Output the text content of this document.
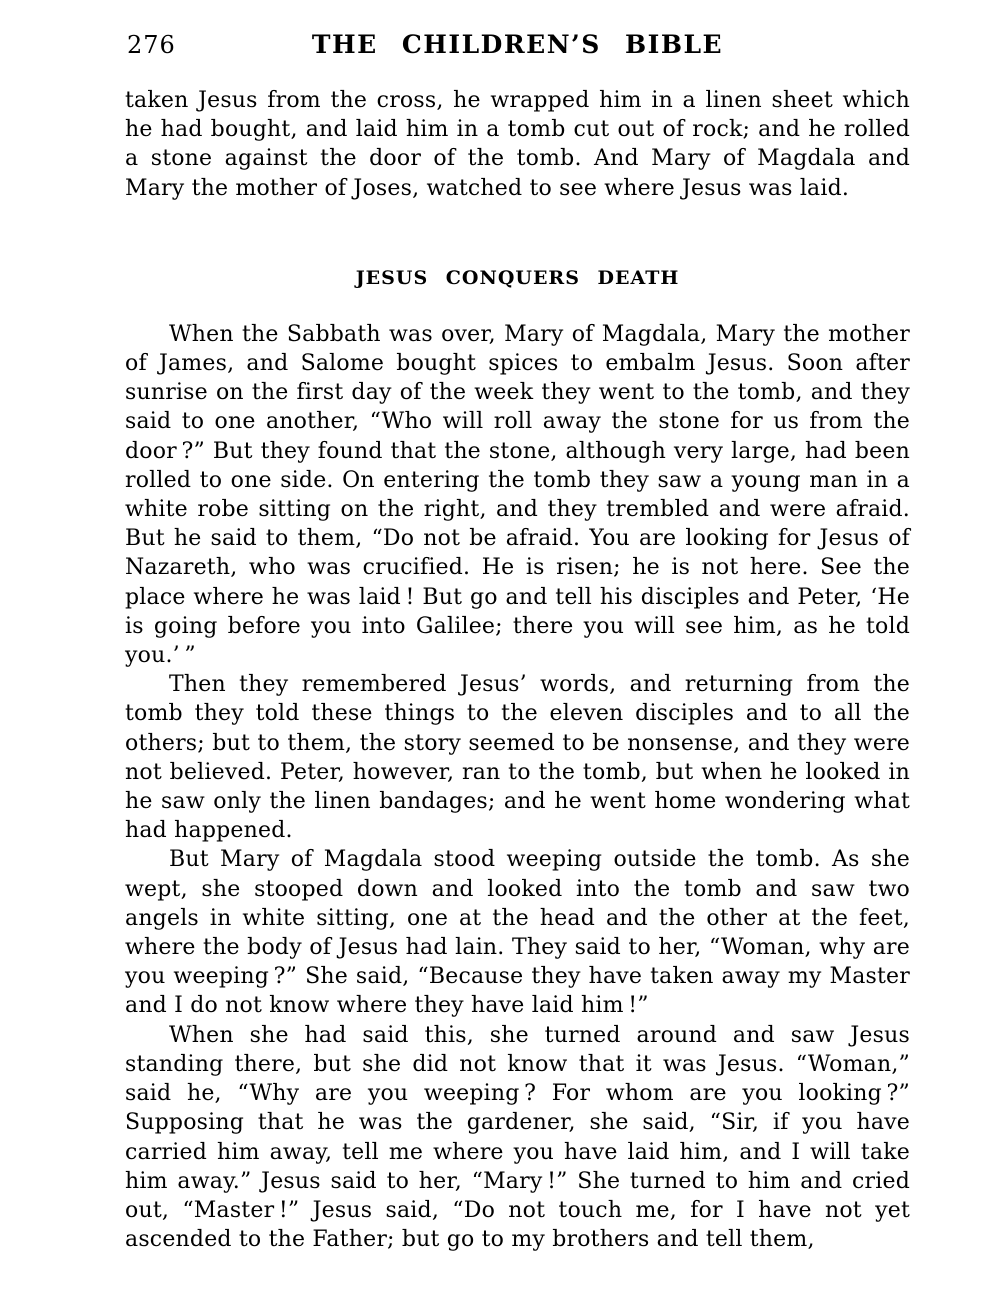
276	THE CHILDREN’S BIBLE

taken Jesus from the cross, he wrapped him in a linen sheet which he had bought, and laid him in a tomb cut out of rock; and he rolled a stone against the door of the tomb. And Mary of Magdala and Mary the mother of Joses, watched to see where Jesus was laid.

JESUS CONQUERS DEATH

When the Sabbath was over, Mary of Magdala, Mary the mother of James, and Salome bought spices to embalm Jesus. Soon after sunrise on the first day of the week they went to the tomb, and they said to one another, “Who will roll away the stone for us from the door ?” But they found that the stone, although very large, had been rolled to one side. On entering the tomb they saw a young man in a white robe sitting on the right, and they trembled and were afraid. But he said to them, “Do not be afraid. You are looking for Jesus of Nazareth, who was crucified. He is risen; he is not here. See the place where he was laid ! But go and tell his disciples and Peter, ‘He is going before you into Galilee; there you will see him, as he told you.’ ”

Then they remembered Jesus’ words, and returning from the tomb they told these things to the eleven disciples and to all the others; but to them, the story seemed to be nonsense, and they were not believed. Peter, however, ran to the tomb, but when he looked in he saw only the linen bandages; and he went home wondering what had happened.

But Mary of Magdala stood weeping outside the tomb. As she wept, she stooped down and looked into the tomb and saw two angels in white sitting, one at the head and the other at the feet, where the body of Jesus had lain. They said to her, “Woman, why are you weeping ?” She said, “Because they have taken away my Master and I do not know where they have laid him !”

When she had said this, she turned around and saw Jesus standing there, but she did not know that it was Jesus. “Woman,” said he, “Why are you weeping ? For whom are you looking ?” Supposing that he was the gardener, she said, “Sir, if you have carried him away, tell me where you have laid him, and I will take him away.” Jesus said to her, “Mary !” She turned to him and cried out, “Master !” Jesus said, “Do not touch me, for I have not yet ascended to the Father; but go to my brothers and tell them,
